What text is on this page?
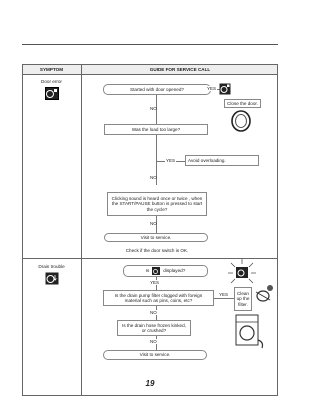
SYMPTOM	GUIDE FOR SERVICE CALL
Door error
Started with door opened?	YES
Close the door.
NO
Was the load too large?
YES	Avoid overloading.
NO
Clicking sound is heard once or twice , when the START/PAUSE button is pressed to start the cycle?
NO
Visit to service.
Check if the door switch is OK.
Drain trouble
Is	displayed?
YES
Is the drain pump filter clogged with foreign material such as pins, coins, etc?
YES	Clean up the filter.
NO
Is the drain hose frozen kinked, or crushed?
NO
Visit to service.
19
